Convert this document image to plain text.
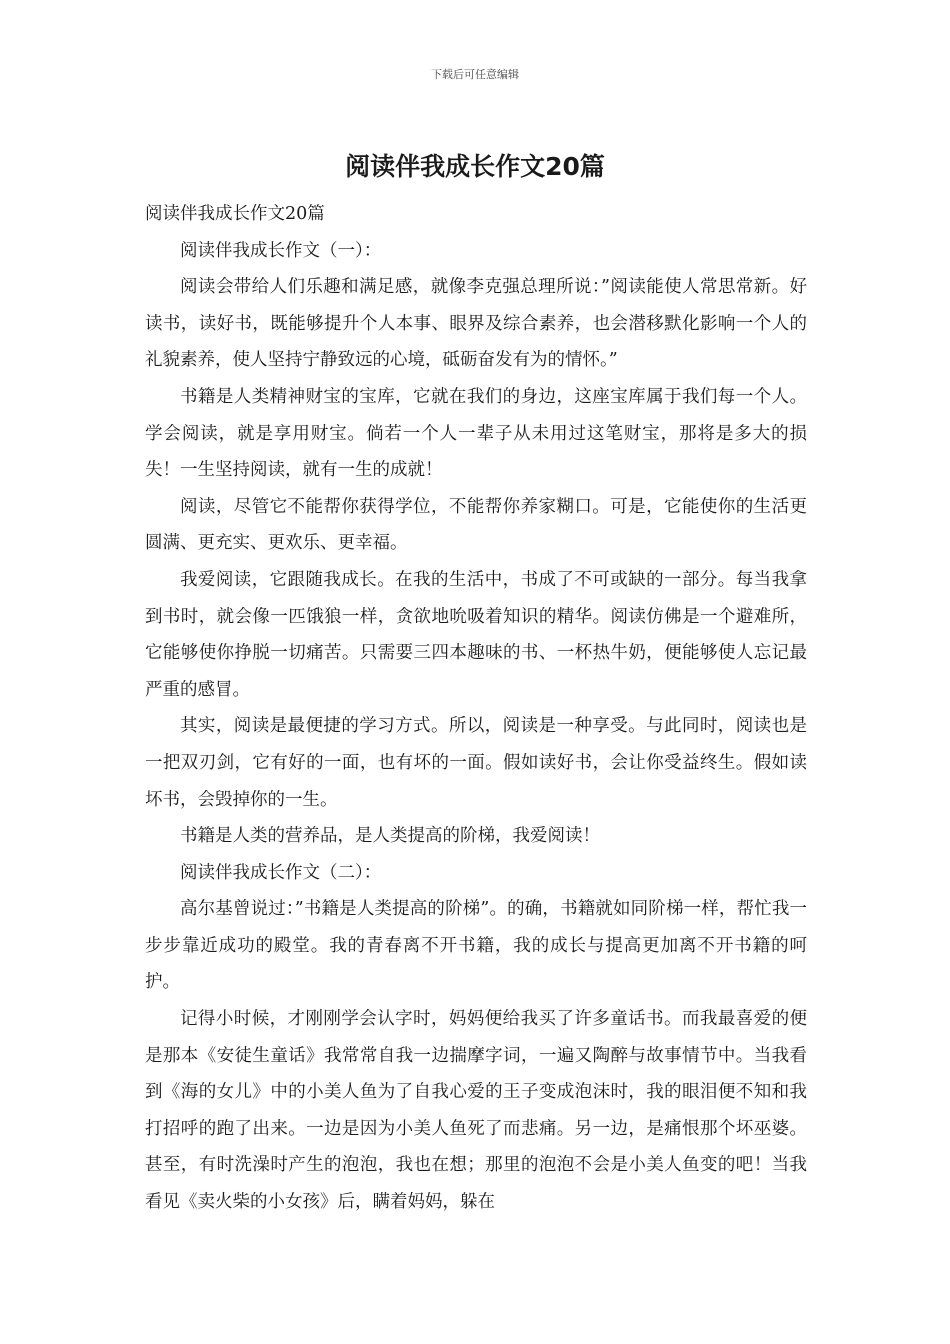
下载后可任意编辑
阅读伴我成长作文20篇

阅读伴我成长作文20篇

阅读伴我成长作文（一）：

阅读会带给人们乐趣和满足感，就像李克强总理所说：”阅读能使人常思常新。好读书，读好书，既能够提升个人本事、眼界及综合素养，也会潜移默化影响一个人的礼貌素养，使人坚持宁静致远的心境，砥砺奋发有为的情怀。”

书籍是人类精神财宝的宝库，它就在我们的身边，这座宝库属于我们每一个人。学会阅读，就是享用财宝。倘若一个人一辈子从未用过这笔财宝，那将是多大的损失！一生坚持阅读，就有一生的成就！

阅读，尽管它不能帮你获得学位，不能帮你养家糊口。可是，它能使你的生活更圆满、更充实、更欢乐、更幸福。

我爱阅读，它跟随我成长。在我的生活中，书成了不可或缺的一部分。每当我拿到书时，就会像一匹饿狼一样，贪欲地吮吸着知识的精华。阅读仿佛是一个避难所，它能够使你挣脱一切痛苦。只需要三四本趣味的书、一杯热牛奶，便能够使人忘记最严重的感冒。

其实，阅读是最便捷的学习方式。所以，阅读是一种享受。与此同时，阅读也是一把双刃剑，它有好的一面，也有坏的一面。假如读好书，会让你受益终生。假如读坏书，会毁掉你的一生。

书籍是人类的营养品，是人类提高的阶梯，我爱阅读！

阅读伴我成长作文（二）：

高尔基曾说过：”书籍是人类提高的阶梯”。的确，书籍就如同阶梯一样，帮忙我一步步靠近成功的殿堂。我的青春离不开书籍，我的成长与提高更加离不开书籍的呵护。

记得小时候，才刚刚学会认字时，妈妈便给我买了许多童话书。而我最喜爱的便是那本《安徒生童话》我常常自我一边揣摩字词，一遍又陶醉与故事情节中。当我看到《海的女儿》中的小美人鱼为了自我心爱的王子变成泡沫时，我的眼泪便不知和我打招呼的跑了出来。一边是因为小美人鱼死了而悲痛。另一边，是痛恨那个坏巫婆。甚至，有时洗澡时产生的泡泡，我也在想；那里的泡泡不会是小美人鱼变的吧！当我看见《卖火柴的小女孩》后，瞒着妈妈，躲在
